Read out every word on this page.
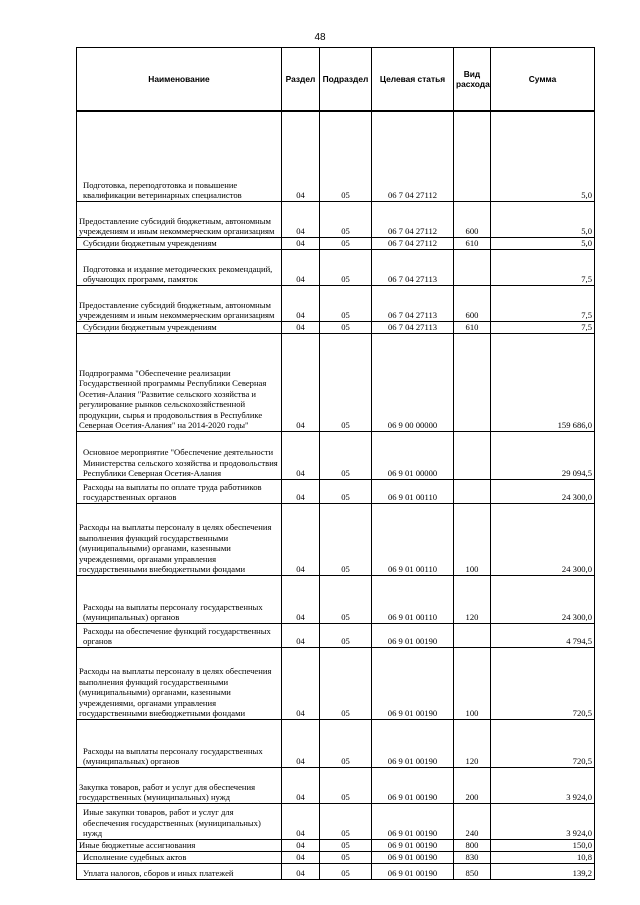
48
Наименование	Раздел	Подраздел	Целевая статья	Вид расхода	Сумма
Подготовка, переподготовка и повышение квалификации ветеринарных специалистов	04	05	06 7 04 27112		5,0
Предоставление субсидий бюджетным, автономным учреждениям и иным некоммерческим организациям	04	05	06 7 04 27112	600	5,0
Субсидии бюджетным учреждениям	04	05	06 7 04 27112	610	5,0
Подготовка и издание методических рекомендаций, обучающих программ, памяток	04	05	06 7 04 27113		7,5
Предоставление субсидий бюджетным, автономным учреждениям и иным некоммерческим организациям	04	05	06 7 04 27113	600	7,5
Субсидии бюджетным учреждениям	04	05	06 7 04 27113	610	7,5
Подпрограмма "Обеспечение реализации Государственной программы Республики Северная Осетия-Алания "Развитие сельского хозяйства и регулирование рынков сельскохозяйственной продукции, сырья и продовольствия в Республике Северная Осетия-Алания" на 2014-2020 годы"	04	05	06 9 00 00000		159 686,0
Основное мероприятие "Обеспечение деятельности Министерства сельского хозяйства и продовольствия Республики Северная Осетия-Алания	04	05	06 9 01 00000		29 094,5
Расходы на выплаты по оплате труда работников государственных органов	04	05	06 9 01 00110		24 300,0
Расходы на выплаты персоналу в целях обеспечения выполнения функций государственными (муниципальными) органами, казенными учреждениями, органами управления государственными внебюджетными фондами	04	05	06 9 01 00110	100	24 300,0
Расходы на выплаты персоналу государственных (муниципальных) органов	04	05	06 9 01 00110	120	24 300,0
Расходы на обеспечение функций государственных органов	04	05	06 9 01 00190		4 794,5
Расходы на выплаты персоналу в целях обеспечения выполнения функций государственными (муниципальными) органами, казенными учреждениями, органами управления государственными внебюджетными фондами	04	05	06 9 01 00190	100	720,5
Расходы на выплаты персоналу государственных (муниципальных) органов	04	05	06 9 01 00190	120	720,5
Закупка товаров, работ и услуг для обеспечения государственных (муниципальных) нужд	04	05	06 9 01 00190	200	3 924,0
Иные закупки товаров, работ и услуг для обеспечения государственных (муниципальных) нужд	04	05	06 9 01 00190	240	3 924,0
Иные бюджетные ассигнования	04	05	06 9 01 00190	800	150,0
Исполнение судебных актов	04	05	06 9 01 00190	830	10,8
Уплата налогов, сборов и иных платежей	04	05	06 9 01 00190	850	139,2
